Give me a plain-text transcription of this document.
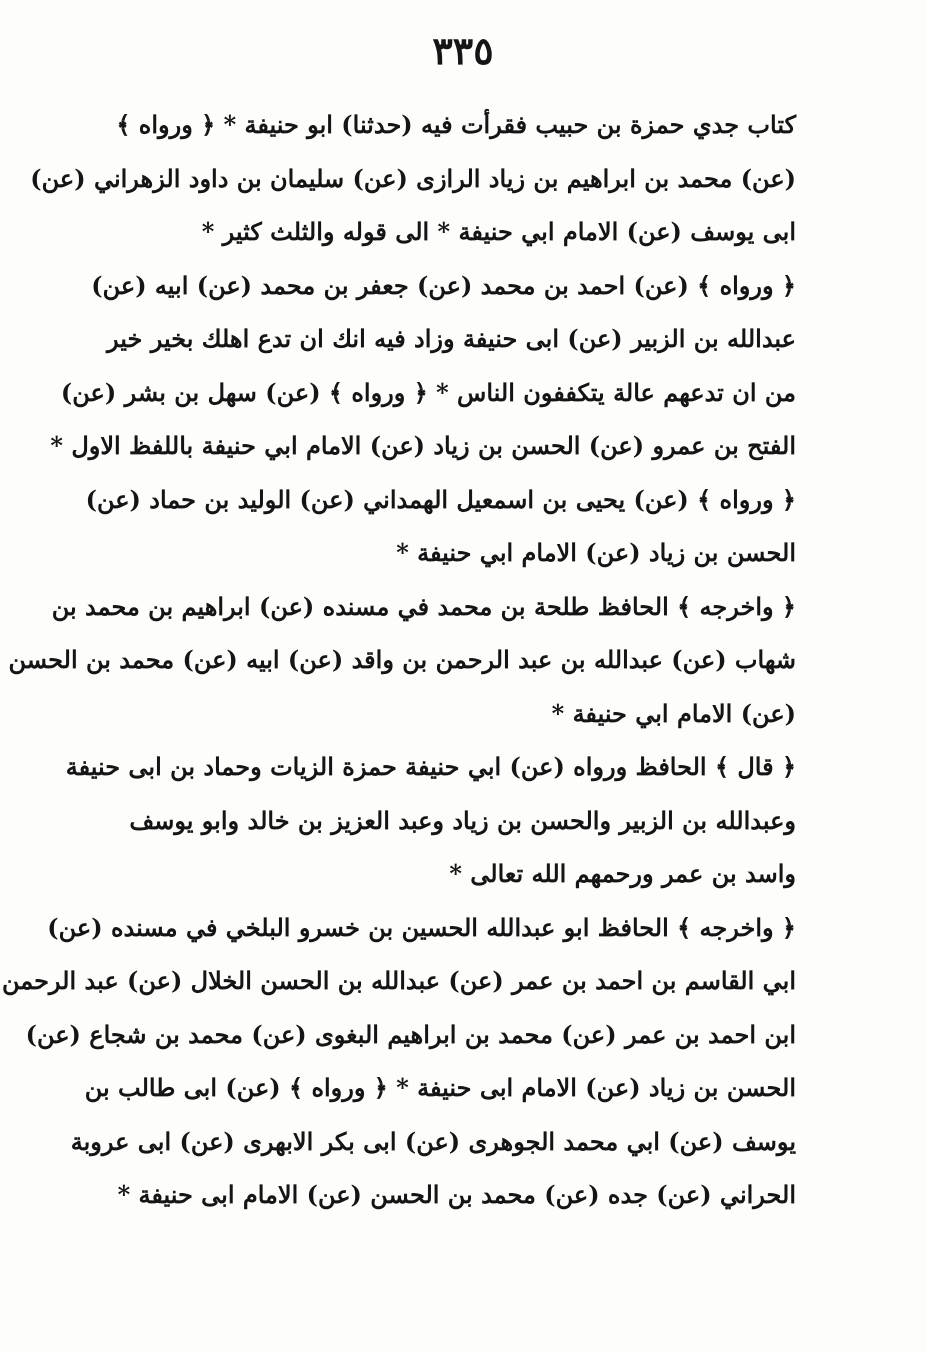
٣٣٥
كتاب جدي حمزة بن حبيب فقرأت فيه (حدثنا) ابو حنيفة * ﴿ ورواه ﴾
(عن) محمد بن ابراهيم بن زياد الرازى (عن) سليمان بن داود الزهراني (عن)
ابى يوسف (عن) الامام ابي حنيفة * الى قوله والثلث كثير *
﴿ ورواه ﴾ (عن) احمد بن محمد (عن) جعفر بن محمد (عن) ابيه (عن)
عبدالله بن الزبير (عن) ابى حنيفة وزاد فيه انك ان تدع اهلك بخير خير
من ان تدعهم عالة يتكففون الناس * ﴿ ورواه ﴾ (عن) سهل بن بشر (عن)
الفتح بن عمرو (عن) الحسن بن زياد (عن) الامام ابي حنيفة باللفظ الاول *
﴿ ورواه ﴾ (عن) يحيى بن اسمعيل الهمداني (عن) الوليد بن حماد (عن)
الحسن بن زياد (عن) الامام ابي حنيفة *
﴿ واخرجه ﴾ الحافظ طلحة بن محمد في مسنده (عن) ابراهيم بن محمد بن
شهاب (عن) عبدالله بن عبد الرحمن بن واقد (عن) ابيه (عن) محمد بن الحسن
(عن) الامام ابي حنيفة *
﴿ قال ﴾ الحافظ ورواه (عن) ابي حنيفة حمزة الزيات وحماد بن ابى حنيفة
وعبدالله بن الزبير والحسن بن زياد وعبد العزيز بن خالد وابو يوسف
واسد بن عمر ورحمهم الله تعالى *
﴿ واخرجه ﴾ الحافظ ابو عبدالله الحسين بن خسرو البلخي في مسنده (عن)
ابي القاسم بن احمد بن عمر (عن) عبدالله بن الحسن الخلال (عن) عبد الرحمن
ابن احمد بن عمر (عن) محمد بن ابراهيم البغوى (عن) محمد بن شجاع (عن)
الحسن بن زياد (عن) الامام ابى حنيفة * ﴿ ورواه ﴾ (عن) ابى طالب بن
يوسف (عن) ابي محمد الجوهرى (عن) ابى بكر الابهرى (عن) ابى عروبة
الحراني (عن) جده (عن) محمد بن الحسن (عن) الامام ابى حنيفة *
